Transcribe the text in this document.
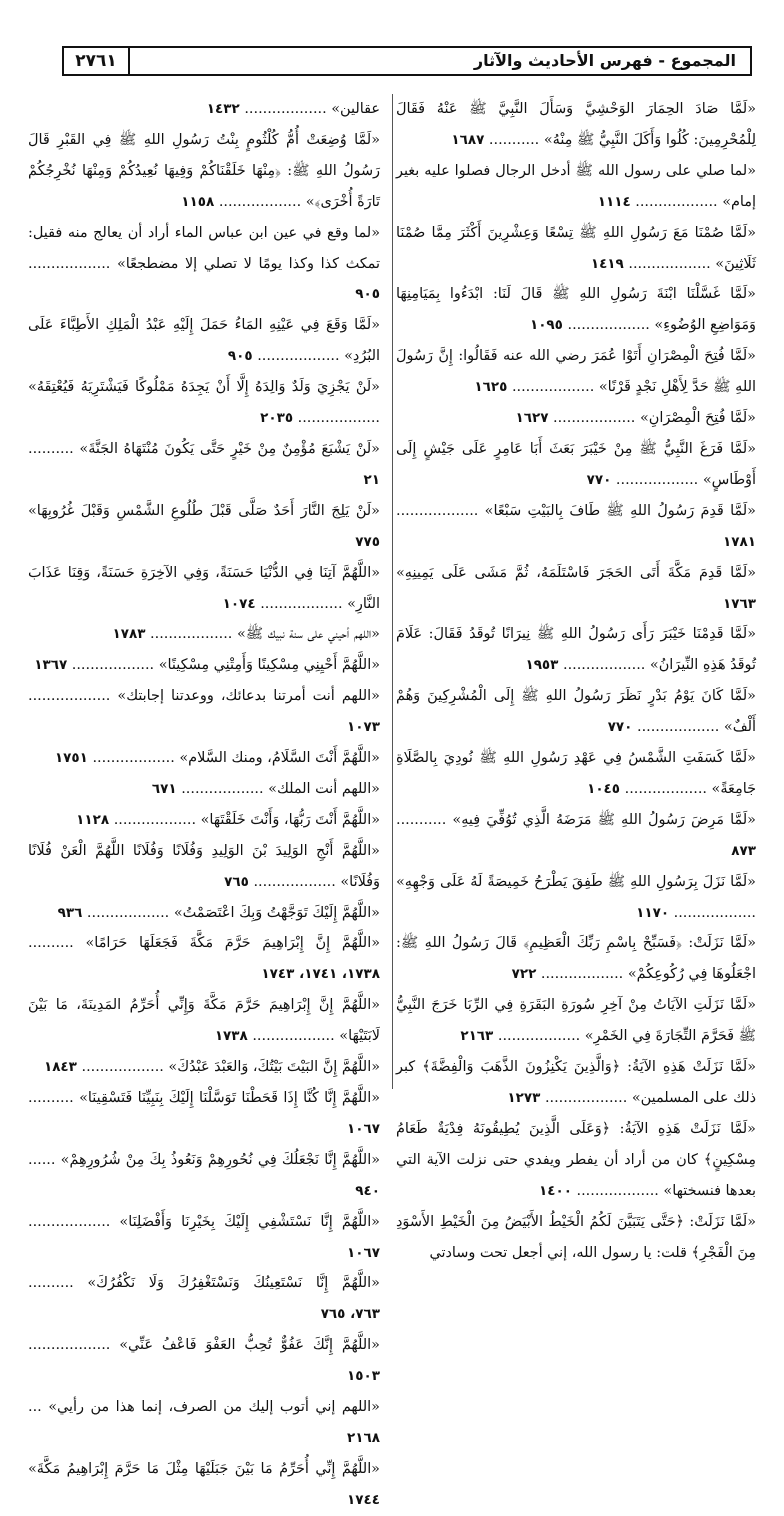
المجموع - فهرس الأحاديث والآثار
٢٧٦١

«لَمَّا صَادَ الحِمَارَ الوَحْشِيَّ وَسَأَلَ النَّبِيَّ ﷺ عَنْهُ فَقَالَ لِلْمُحْرِمِينَ: كُلُوا وَأَكَلَ النَّبِيُّ ﷺ مِنْهُ» ........... ١٦٨٧

«لما صلي على رسول الله ﷺ أدخل الرجال فصلوا عليه بغير إمام» .................. ١١١٤

«لَمَّا صُمْنَا مَعَ رَسُولِ اللهِ ﷺ تِسْعًا وَعِشْرِينَ أَكْثَرَ مِمَّا صُمْنَا ثَلَاثِينَ» .................. ١٤١٩

«لَمَّا غَسَّلْنَا ابْنَةَ رَسُولِ اللهِ ﷺ قَالَ لَنَا: ابْدَءُوا بِمَيَامِنِهَا وَمَوَاضِعِ الوُضُوءِ» .................. ١٠٩٥

«لَمَّا فُتِحَ الْمِصْرَانِ أَتَوْا عُمَرَ رضي الله عنه فَقَالُوا: إِنَّ رَسُولَ اللهِ ﷺ حَدَّ لِأَهْلِ نَجْدٍ قَرْنًا» .................. ١٦٢٥

«لَمَّا فُتِحَ الْمِصْرَانِ» .................. ١٦٢٧

«لَمَّا فَرَغَ النَّبِيُّ ﷺ مِنْ خَيْبَرَ بَعَثَ أَبَا عَامِرٍ عَلَى جَيْشٍ إِلَى أَوْطَاسٍ» .................. ٧٧٠

«لَمَّا قَدِمَ رَسُولُ اللهِ ﷺ طَافَ بِالبَيْتِ سَبْعًا» .................. ١٧٨١

«لَمَّا قَدِمَ مَكَّةَ أَتَى الحَجَرَ فَاسْتَلَمَهُ، ثُمَّ مَشَى عَلَى يَمِينِهِ» ١٧٦٣

«لَمَّا قَدِمْنَا خَيْبَرَ رَأَى رَسُولُ اللهِ ﷺ نِيرَانًا تُوقَدُ فَقَالَ: عَلَامَ تُوقَدُ هَذِهِ النِّيرَانُ» .................. ١٩٥٣

«لَمَّا كَانَ يَوْمُ بَدْرٍ نَظَرَ رَسُولُ اللهِ ﷺ إِلَى الْمُشْرِكِينَ وَهُمْ أَلْفٌ» .................. ٧٧٠

«لَمَّا كَسَفَتِ الشَّمْسُ فِي عَهْدِ رَسُولِ اللهِ ﷺ نُودِيَ بِالصَّلَاةِ جَامِعَةً» .................. ١٠٤٥

«لَمَّا مَرِضَ رَسُولُ اللهِ ﷺ مَرَضَهُ الَّذِي تُوُفِّيَ فِيهِ» ........... ٨٧٣

«لَمَّا نَزَلَ بِرَسُولِ اللهِ ﷺ طَفِقَ يَطْرَحُ خَمِيصَةً لَهُ عَلَى وَجْهِهِ» .................. ١١٧٠

«لَمَّا نَزَلَتْ: ﴿فَسَبِّحْ بِاسْمِ رَبِّكَ الْعَظِيمِ﴾ قَالَ رَسُولُ اللهِ ﷺ: اجْعَلُوهَا فِي رُكُوعِكُمْ» .................. ٧٢٢

«لَمَّا نَزَلَتِ الآيَاتُ مِنْ آخِرِ سُورَةِ البَقَرَةِ فِي الرِّبَا خَرَجَ النَّبِيُّ ﷺ فَحَرَّمَ التِّجَارَةَ فِي الخَمْرِ» .................. ٢١٦٣

«لَمَّا نَزَلَتْ هَذِهِ الآيَةُ: ﴿وَالَّذِينَ يَكْنِزُونَ الذَّهَبَ وَالْفِضَّةَ﴾ كبر ذلك على المسلمين» .................. ١٢٧٣

«لَمَّا نَزَلَتْ هَذِهِ الآيَةُ: ﴿وَعَلَى الَّذِينَ يُطِيقُونَهُ فِدْيَةٌ طَعَامُ مِسْكِينٍ﴾ كان من أراد أن يفطر ويفدي حتى نزلت الآية التي بعدها فنسختها» .................. ١٤٠٠

«لَمَّا نَزَلَتْ: ﴿حَتَّى يَتَبَيَّنَ لَكُمُ الْخَيْطُ الأَبْيَضُ مِنَ الْخَيْطِ الأَسْوَدِ مِنَ الْفَجْرِ﴾ قلت: يا رسول الله، إني أجعل تحت وسادتي

عقالين» .................. ١٤٣٢

«لَمَّا وُضِعَتْ أُمُّ كُلْثُومٍ بِنْتُ رَسُولِ اللهِ ﷺ فِي القَبْرِ قَالَ رَسُولُ اللهِ ﷺ: ﴿مِنْهَا خَلَقْنَاكُمْ وَفِيهَا نُعِيدُكُمْ وَمِنْهَا نُخْرِجُكُمْ تَارَةً أُخْرَى﴾» .................. ١١٥٨

«لما وقع في عين ابن عباس الماء أراد أن يعالج منه فقيل: تمكث كذا وكذا يومًا لا تصلي إلا مضطجعًا» .................. ٩٠٥

«لَمَّا وَقَعَ فِي عَيْنِهِ المَاءُ حَمَلَ إِلَيْهِ عَبْدُ الْمَلِكِ الأَطِبَّاءَ عَلَى البُرُدِ» .................. ٩٠٥

«لَنْ يَجْزِيَ وَلَدٌ وَالِدَهُ إِلَّا أَنْ يَجِدَهُ مَمْلُوكًا فَيَشْتَرِيَهُ فَيُعْتِقَهُ» .................. ٢٠٣٥

«لَنْ يَشْبَعَ مُؤْمِنٌ مِنْ خَيْرٍ حَتَّى يَكُونَ مُنْتَهَاهُ الجَنَّةَ» .......... ٢١

«لَنْ يَلِجَ النَّارَ أَحَدٌ صَلَّى قَبْلَ طُلُوعِ الشَّمْسِ وَقَبْلَ غُرُوبِهَا» ٧٧٥

«اللَّهُمَّ آتِنَا فِي الدُّنْيَا حَسَنَةً، وَفِي الآخِرَةِ حَسَنَةً، وَقِنَا عَذَابَ النَّارِ» .................. ١٠٧٤

«اللهم أحيني على سنة نبيك ﷺ» .................. ١٧٨٣

«اللَّهُمَّ أَحْيِنِي مِسْكِينًا وَأَمِتْنِي مِسْكِينًا» .................. ١٣٦٧

«اللهم أنت أمرتنا بدعائك، ووعدتنا إجابتك» .................. ١٠٧٣

«اللَّهُمَّ أَنْتَ السَّلَامُ، ومنك السَّلام» .................. ١٧٥١

«اللهم أنت الملك» .................. ٦٧١

«اللَّهُمَّ أَنْتَ رَبُّهَا، وَأَنْتَ خَلَقْتَهَا» .................. ١١٢٨

«اللَّهُمَّ أَنْجِ الوَلِيدَ بْنَ الوَلِيدِ وَفُلَانًا وَفُلَانًا اللَّهُمَّ الْعَنْ فُلَانًا وَفُلَانًا» .................. ٧٦٥

«اللَّهُمَّ إِلَيْكَ تَوَجَّهْتُ وَبِكَ اعْتَصَمْتُ» .................. ٩٣٦

«اللَّهُمَّ إِنَّ إِبْرَاهِيمَ حَرَّمَ مَكَّةَ فَجَعَلَهَا حَرَامًا» .......... ١٧٣٨، ١٧٤١، ١٧٤٣

«اللَّهُمَّ إِنَّ إِبْرَاهِيمَ حَرَّمَ مَكَّةَ وَإِنِّي أُحَرِّمُ المَدِينَةَ، مَا بَيْنَ لَابَتَيْهَا» .................. ١٧٣٨

«اللَّهُمَّ إِنَّ البَيْتَ بَيْتُكَ، وَالعَبْدَ عَبْدُكَ» .................. ١٨٤٣

«اللَّهُمَّ إِنَّا كُنَّا إِذَا قَحَطْنَا تَوَسَّلْنَا إِلَيْكَ بِنَبِيِّنَا فَتَسْقِينَا» .......... ١٠٦٧

«اللَّهُمَّ إِنَّا نَجْعَلُكَ فِي نُحُورِهِمْ وَنَعُوذُ بِكَ مِنْ شُرُورِهِمْ» ...... ٩٤٠

«اللَّهُمَّ إِنَّا نَسْتَشْفِي إِلَيْكَ بِخَيْرِنَا وَأَفْضَلِنَا» .................. ١٠٦٧

«اللَّهُمَّ إِنَّا نَسْتَعِينُكَ وَنَسْتَغْفِرُكَ وَلَا نَكْفُرُكَ» .......... ٧٦٣، ٧٦٥

«اللَّهُمَّ إِنَّكَ عَفُوٌّ تُحِبُّ العَفْوَ فَاعْفُ عَنِّي» .................. ١٥٠٣

«اللهم إني أتوب إليك من الصرف، إنما هذا من رأيي» ... ٢١٦٨

«اللَّهُمَّ إِنِّي أُحَرِّمُ مَا بَيْنَ جَبَلَيْهَا مِثْلَ مَا حَرَّمَ إِبْرَاهِيمُ مَكَّةَ» ١٧٤٤
